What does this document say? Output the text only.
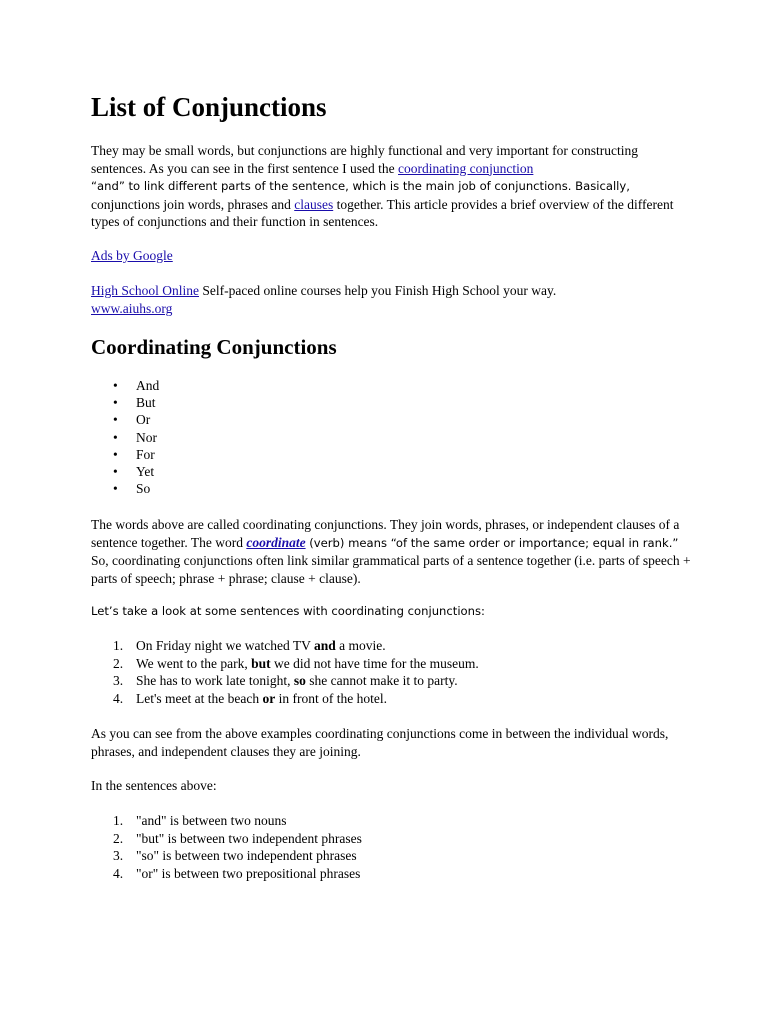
List of Conjunctions

They may be small words, but conjunctions are highly functional and very important for constructing sentences. As you can see in the first sentence I used the coordinating conjunction
“and” to link different parts of the sentence, which is the main job of conjunctions. Basically, conjunctions join words, phrases and clauses together. This article provides a brief overview of the different types of conjunctions and their function in sentences.

Ads by Google

High School Online Self-paced online courses help you Finish High School your way.
www.aiuhs.org

Coordinating Conjunctions
• And
• But
• Or
• Nor
• For
• Yet
• So

The words above are called coordinating conjunctions. They join words, phrases, or independent clauses of a sentence together. The word coordinate (verb) means “of the same order or importance; equal in rank.” So, coordinating conjunctions often link similar grammatical parts of a sentence together (i.e. parts of speech + parts of speech; phrase + phrase; clause + clause).

Let’s take a look at some sentences with coordinating conjunctions:

1. On Friday night we watched TV and a movie.
2. We went to the park, but we did not have time for the museum.
3. She has to work late tonight, so she cannot make it to party.
4. Let's meet at the beach or in front of the hotel.

As you can see from the above examples coordinating conjunctions come in between the individual words, phrases, and independent clauses they are joining.

In the sentences above:

1. "and" is between two nouns
2. "but" is between two independent phrases
3. "so" is between two independent phrases
4. "or" is between two prepositional phrases
